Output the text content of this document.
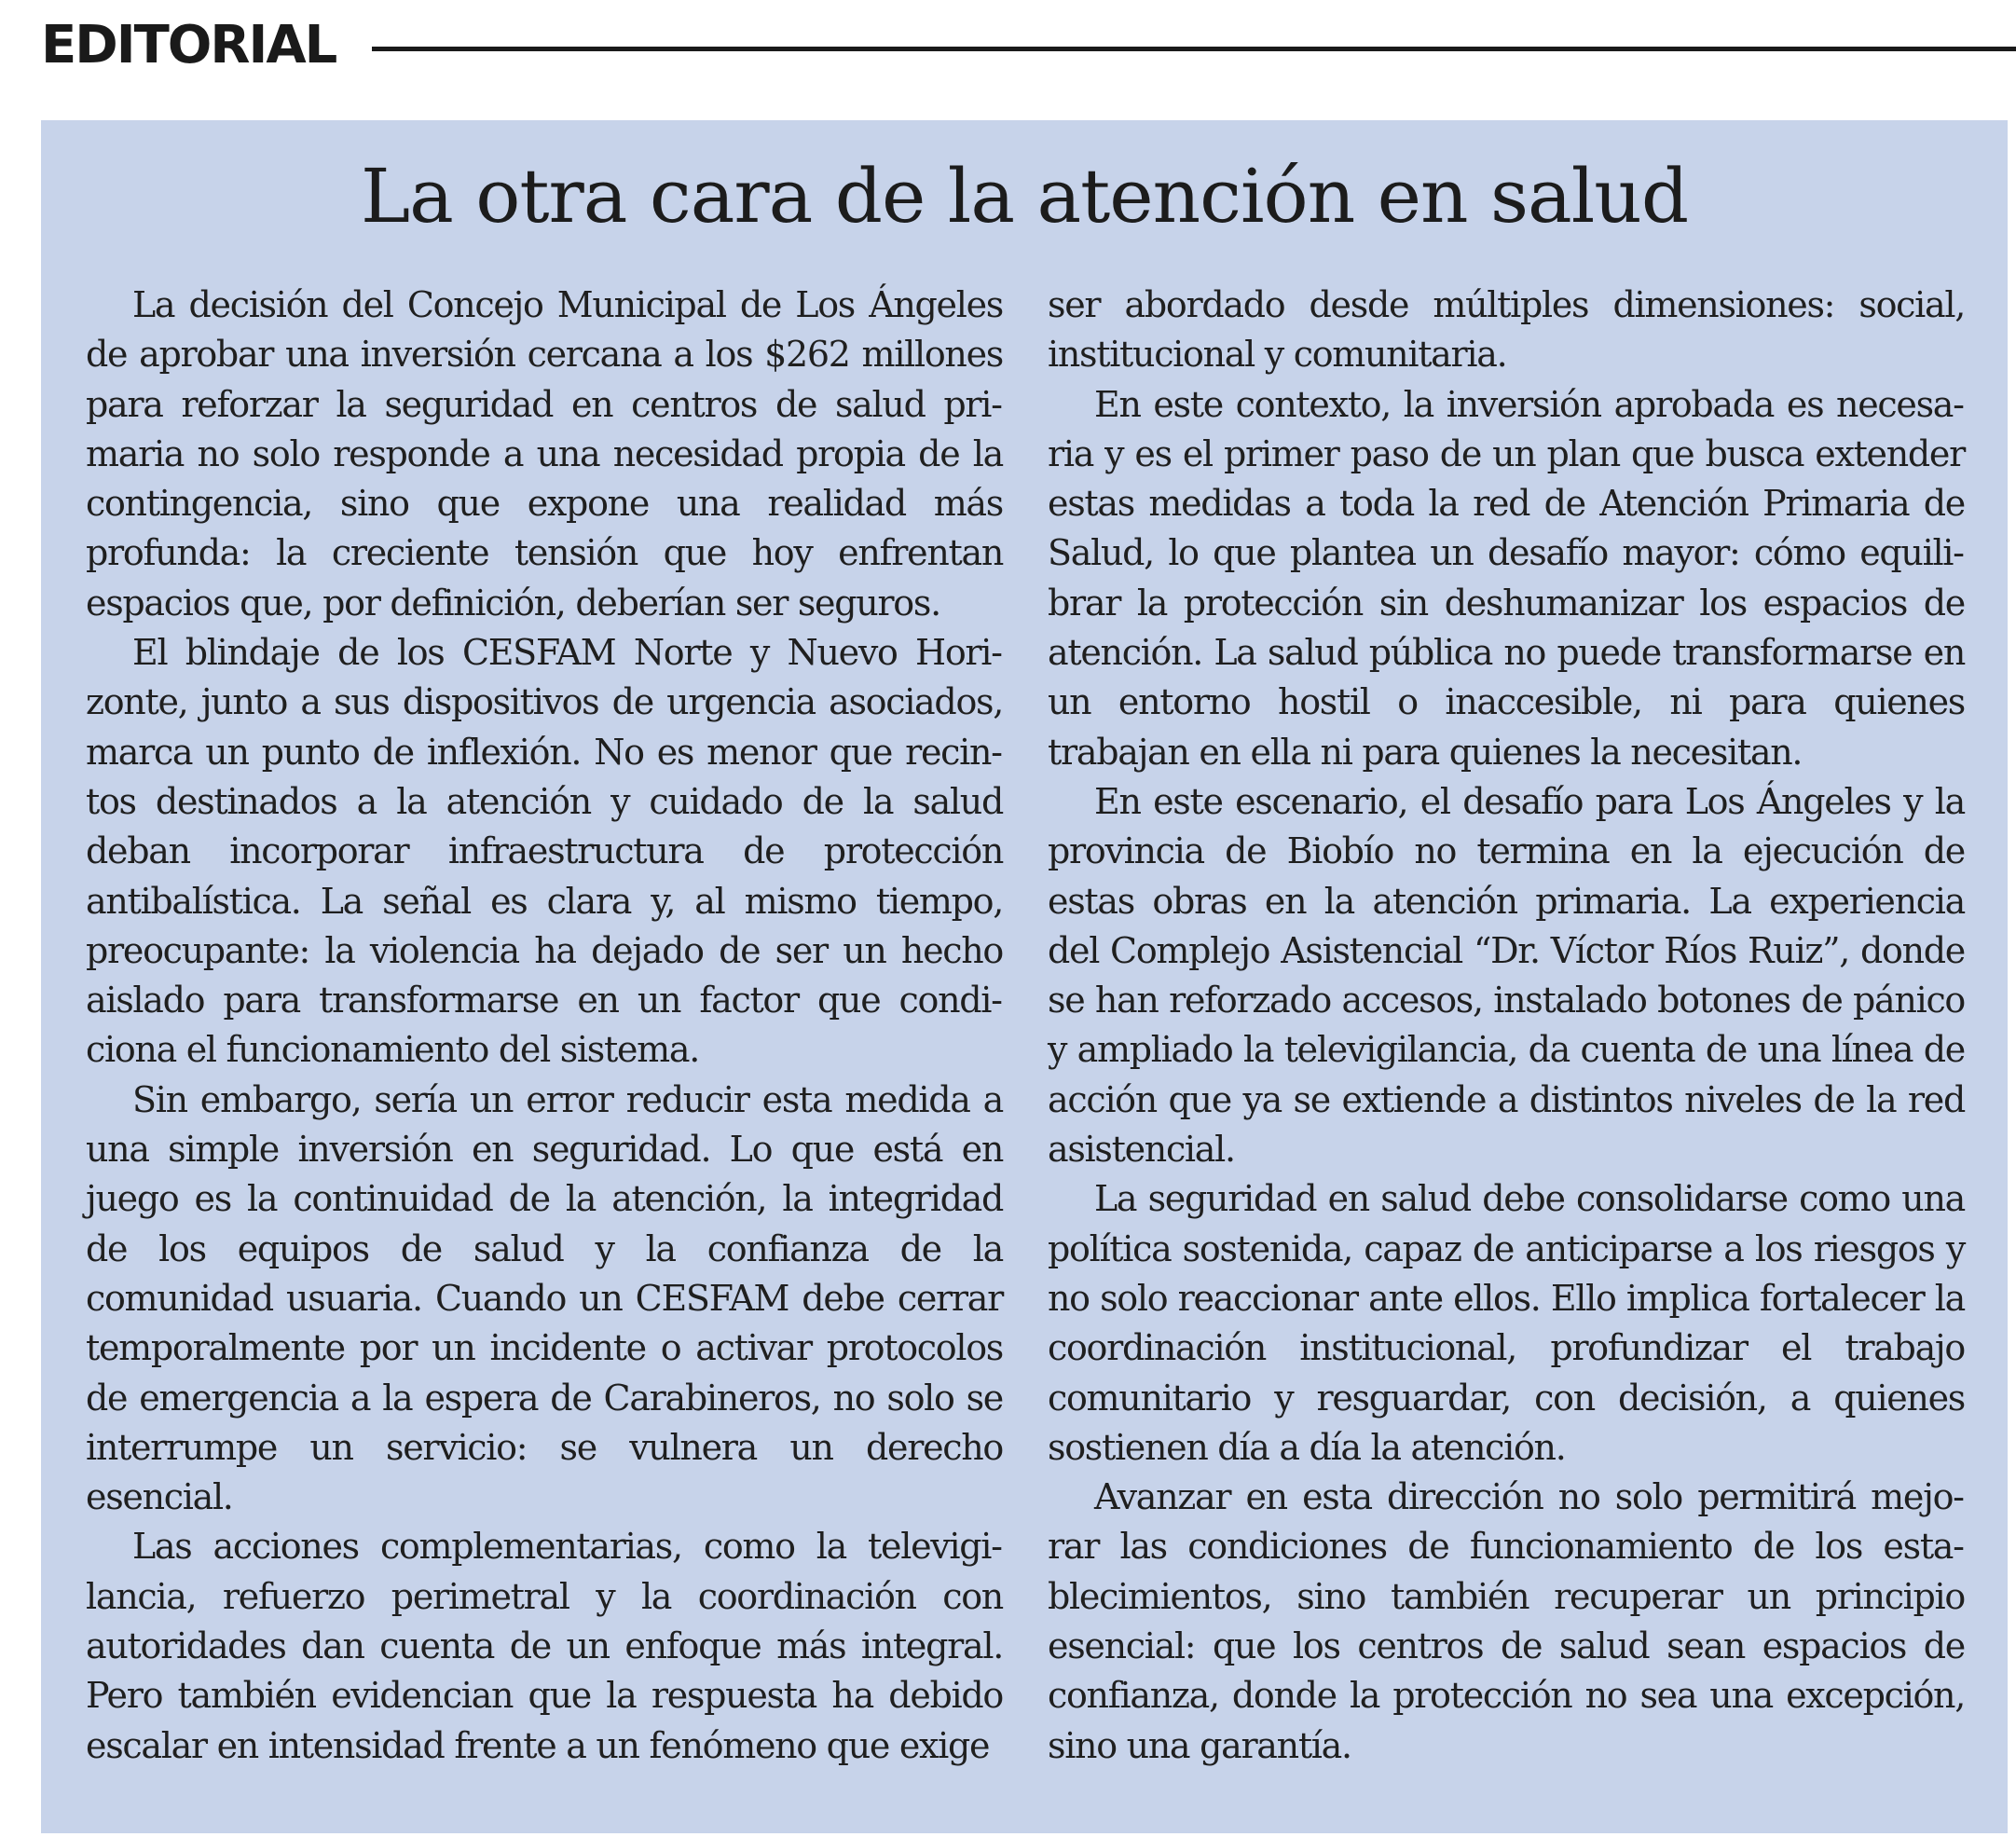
EDITORIAL
La otra cara de la atención en salud

La decisión del Concejo Municipal de Los Ángeles de aprobar una inversión cercana a los $262 millones para reforzar la seguridad en centros de salud primaria no solo responde a una necesidad propia de la contingencia, sino que expone una realidad más profunda: la creciente tensión que hoy enfrentan espacios que, por definición, deberían ser seguros.

El blindaje de los CESFAM Norte y Nuevo Horizonte, junto a sus dispositivos de urgencia asociados, marca un punto de inflexión. No es menor que recintos destinados a la atención y cuidado de la salud deban incorporar infraestructura de protección antibalística. La señal es clara y, al mismo tiempo, preocupante: la violencia ha dejado de ser un hecho aislado para transformarse en un factor que condiciona el funcionamiento del sistema.

Sin embargo, sería un error reducir esta medida a una simple inversión en seguridad. Lo que está en juego es la continuidad de la atención, la integridad de los equipos de salud y la confianza de la comunidad usuaria. Cuando un CESFAM debe cerrar temporalmente por un incidente o activar protocolos de emergencia a la espera de Carabineros, no solo se interrumpe un servicio: se vulnera un derecho esencial.

Las acciones complementarias, como la televigilancia, refuerzo perimetral y la coordinación con autoridades dan cuenta de un enfoque más integral. Pero también evidencian que la respuesta ha debido escalar en intensidad frente a un fenómeno que exige

ser abordado desde múltiples dimensiones: social, institucional y comunitaria.

En este contexto, la inversión aprobada es necesaria y es el primer paso de un plan que busca extender estas medidas a toda la red de Atención Primaria de Salud, lo que plantea un desafío mayor: cómo equilibrar la protección sin deshumanizar los espacios de atención. La salud pública no puede transformarse en un entorno hostil o inaccesible, ni para quienes trabajan en ella ni para quienes la necesitan.

En este escenario, el desafío para Los Ángeles y la provincia de Biobío no termina en la ejecución de estas obras en la atención primaria. La experiencia del Complejo Asistencial “Dr. Víctor Ríos Ruiz”, donde se han reforzado accesos, instalado botones de pánico y ampliado la televigilancia, da cuenta de una línea de acción que ya se extiende a distintos niveles de la red asistencial.

La seguridad en salud debe consolidarse como una política sostenida, capaz de anticiparse a los riesgos y no solo reaccionar ante ellos. Ello implica fortalecer la coordinación institucional, profundizar el trabajo comunitario y resguardar, con decisión, a quienes sostienen día a día la atención.

Avanzar en esta dirección no solo permitirá mejorar las condiciones de funcionamiento de los establecimientos, sino también recuperar un principio esencial: que los centros de salud sean espacios de confianza, donde la protección no sea una excepción, sino una garantía.
